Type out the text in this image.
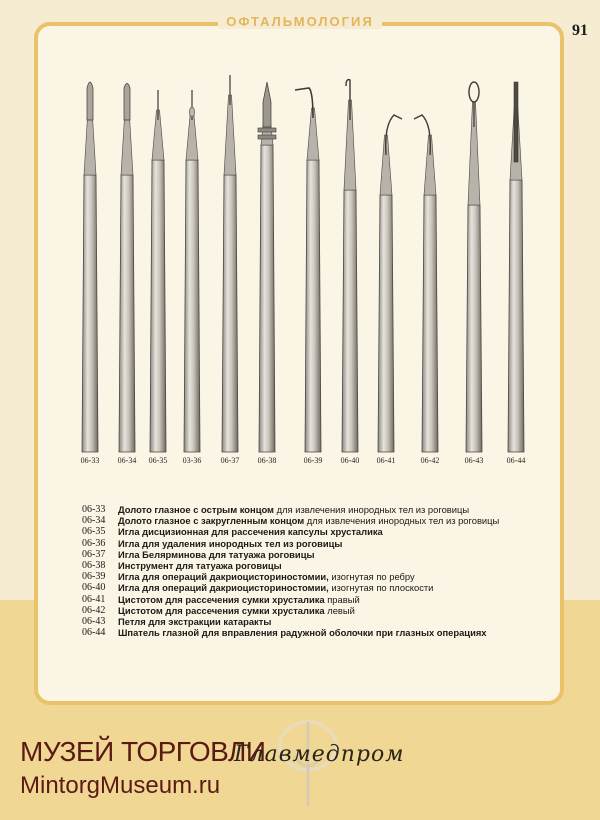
ОФТАЛЬМОЛОГИЯ
91
06-33	06-34	06-35	03-36	06-37	06-38	06-39	06-40	06-41	06-42	06-43	06-44
06-33	Долото глазное с острым концом для извлечения инородных тел из роговицы
06-34	Долото глазное с закругленным концом для извлечения инородных тел из роговицы
06-35	Игла дисцизионная для рассечения капсулы хрусталика
06-36	Игла для удаления инородных тел из роговицы
06-37	Игла Белярминова для татуажа роговицы
06-38	Инструмент для татуажа роговицы
06-39	Игла для операций дакриоцисториностомии, изогнутая по ребру
06-40	Игла для операций дакриоцисториностомии, изогнутая по плоскости
06-41	Цистотом для рассечения сумки хрусталика правый
06-42	Цистотом для рассечения сумки хрусталика левый
06-43	Петля для экстракции катаракты
06-44	Шпатель глазной для вправления радужной оболочки при глазных операциях
МУЗЕЙ ТОРГОВЛИ
MintorgMuseum.ru
Главмедпром
